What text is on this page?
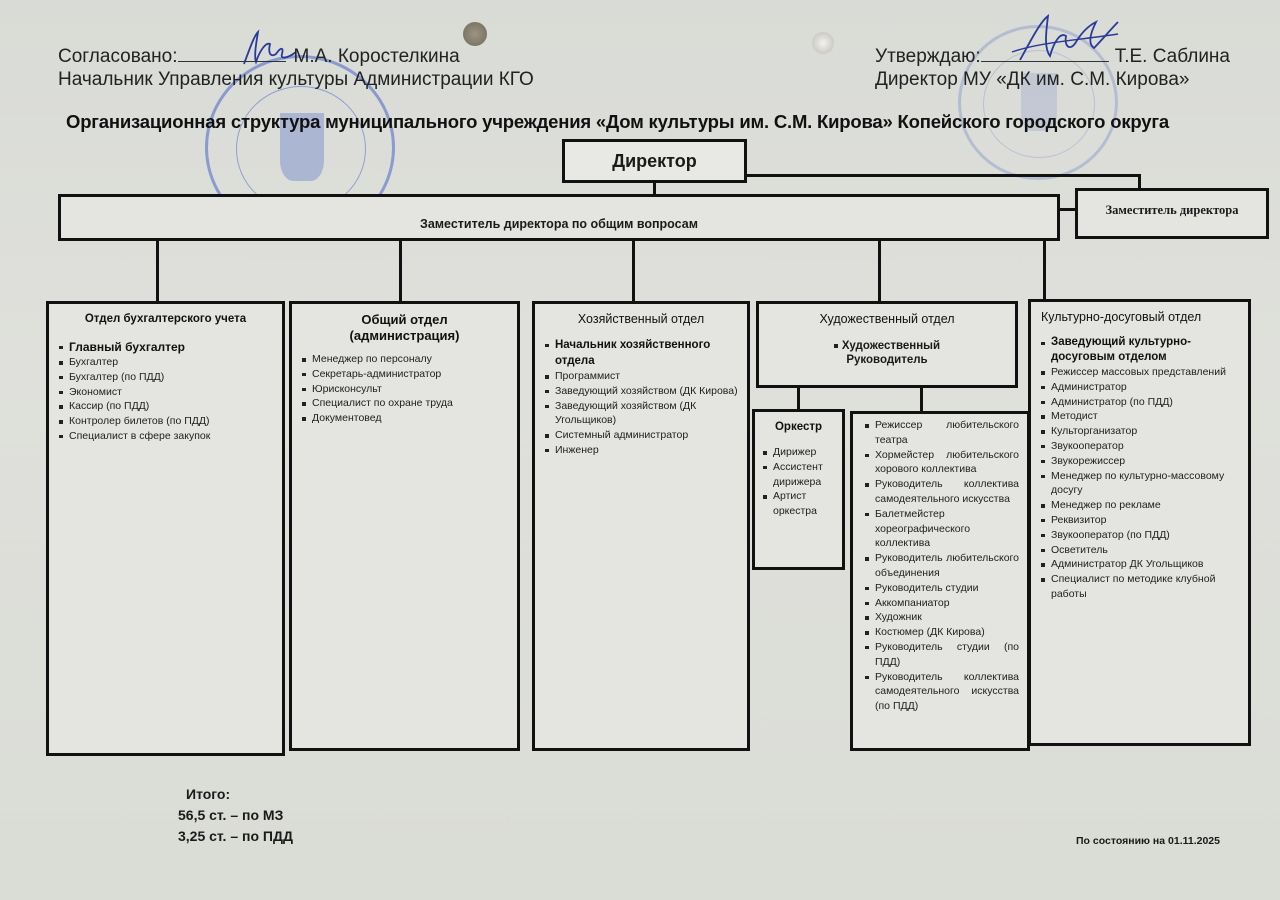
Согласовано:	М.А. Коростелкина
Начальник Управления культуры Администрации КГО
Утверждаю:	Т.Е. Саблина
Директор МУ «ДК им. С.М. Кирова»
Организационная структура муниципального учреждения «Дом культуры им. С.М. Кирова» Копейского городского округа
Директор
Заместитель директора по общим вопросам
Заместитель директора
Отдел бухгалтерского учета
Главный бухгалтер
Бухгалтер
Бухгалтер (по ПДД)
Экономист
Кассир (по ПДД)
Контролер билетов (по ПДД)
Специалист в сфере закупок
Общий отдел (администрация)
Менеджер по персоналу
Секретарь-администратор
Юрисконсульт
Специалист по охране труда
Документовед
Хозяйственный отдел
Начальник хозяйственного отдела
Программист
Заведующий хозяйством (ДК Кирова)
Заведующий хозяйством (ДК Угольщиков)
Системный администратор
Инженер
Художественный отдел
Художественный Руководитель
Оркестр
Дирижер
Ассистент дирижера
Артист оркестра
Режиссер любительского театра
Хормейстер любительского хорового коллектива
Руководитель коллектива самодеятельного искусства
Балетмейстер хореографического коллектива
Руководитель любительского объединения
Руководитель студии
Аккомпаниатор
Художник
Костюмер (ДК Кирова)
Руководитель студии (по ПДД)
Руководитель коллектива самодеятельного искусства (по ПДД)
Культурно-досуговый отдел
Заведующий культурно-досуговым отделом
Режиссер массовых представлений
Администратор
Администратор (по ПДД)
Методист
Культорганизатор
Звукооператор
Звукорежиссер
Менеджер по культурно-массовому досугу
Менеджер по рекламе
Реквизитор
Звукооператор (по ПДД)
Осветитель
Администратор ДК Угольщиков
Специалист по методике клубной работы
Итого:
56,5 ст. – по МЗ
3,25 ст. – по ПДД	По состоянию на 01.11.2025
